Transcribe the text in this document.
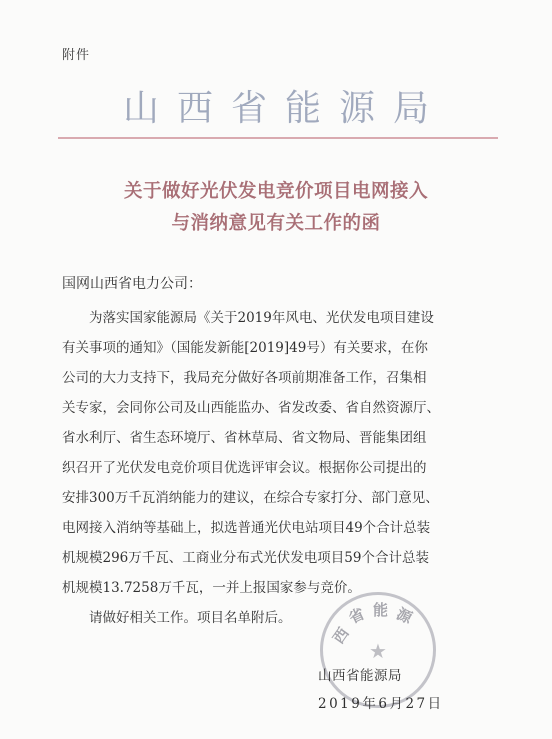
附件
山西省能源局
关于做好光伏发电竞价项目电网接入
与消纳意见有关工作的函
国网山西省电力公司：
　　为落实国家能源局《关于2019年风电、光伏发电项目建设
有关事项的通知》（国能发新能[2019]49号）有关要求，在你
公司的大力支持下，我局充分做好各项前期准备工作，召集相
关专家，会同你公司及山西能监办、省发改委、省自然资源厅、
省水利厅、省生态环境厅、省林草局、省文物局、晋能集团组
织召开了光伏发电竞价项目优选评审会议。根据你公司提出的
安排300万千瓦消纳能力的建议，在综合专家打分、部门意见、
电网接入消纳等基础上，拟选普通光伏电站项目49个合计总装
机规模296万千瓦、工商业分布式光伏发电项目59个合计总装
机规模13.7258万千瓦，一并上报国家参与竞价。
　　请做好相关工作。项目名单附后。
西
省 能 源
★
山西省能源局
2019年6月27日
